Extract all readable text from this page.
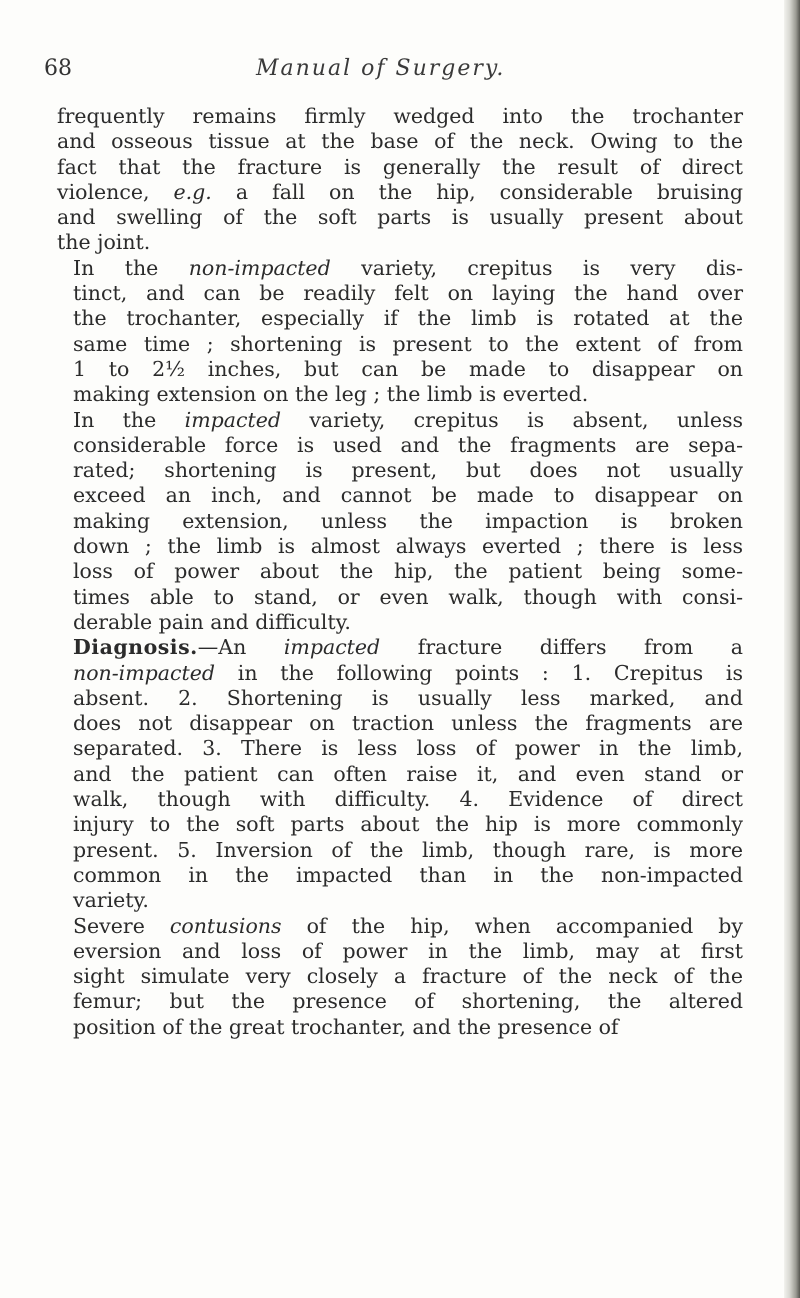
68	Manual of Surgery.

frequently remains firmly wedged into the trochanter
and osseous tissue at the base of the neck. Owing to the
fact that the fracture is generally the result of direct
violence, e.g. a fall on the hip, considerable bruising
and swelling of the soft parts is usually present about
the joint.

In the non-impacted variety, crepitus is very dis-
tinct, and can be readily felt on laying the hand over
the trochanter, especially if the limb is rotated at the
same time ; shortening is present to the extent of from
1 to 2½ inches, but can be made to disappear on
making extension on the leg ; the limb is everted.

In the impacted variety, crepitus is absent, unless
considerable force is used and the fragments are sepa-
rated; shortening is present, but does not usually
exceed an inch, and cannot be made to disappear on
making extension, unless the impaction is broken
down ; the limb is almost always everted ; there is less
loss of power about the hip, the patient being some-
times able to stand, or even walk, though with consi-
derable pain and difficulty.

Diagnosis.—An impacted fracture differs from a
non-impacted in the following points : 1. Crepitus is
absent. 2. Shortening is usually less marked, and
does not disappear on traction unless the fragments are
separated. 3. There is less loss of power in the limb,
and the patient can often raise it, and even stand or
walk, though with difficulty. 4. Evidence of direct
injury to the soft parts about the hip is more commonly
present. 5. Inversion of the limb, though rare, is more
common in the impacted than in the non-impacted
variety.

Severe contusions of the hip, when accompanied by
eversion and loss of power in the limb, may at first
sight simulate very closely a fracture of the neck of the
femur; but the presence of shortening, the altered
position of the great trochanter, and the presence of
